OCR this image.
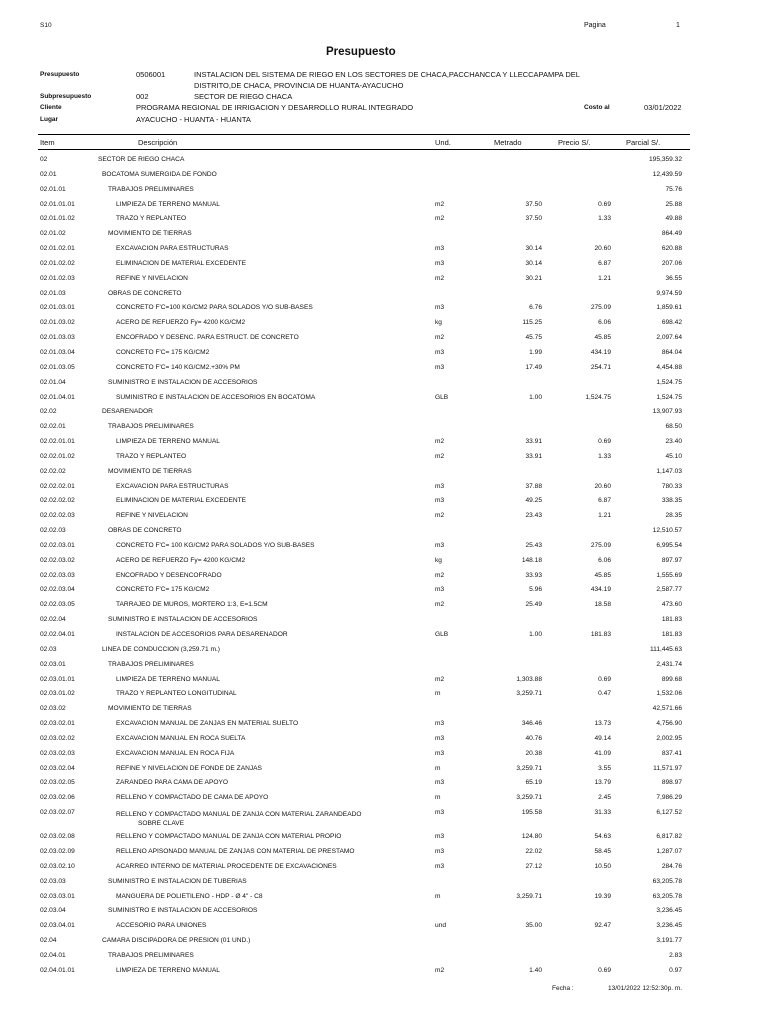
S10	Pagina	1
Presupuesto
Presupuesto	0506001	INSTALACION DEL SISTEMA DE RIEGO EN LOS SECTORES DE CHACA,PACCHANCCA Y LLECCAPAMPA DEL
DISTRITO,DE CHACA, PROVINCIA DE HUANTA-AYACUCHO
Subpresupuesto	002	SECTOR DE RIEGO CHACA
Cliente	PROGRAMA REGIONAL DE IRRIGACION Y DESARROLLO RURAL INTEGRADO	Costo al	03/01/2022
Lugar	AYACUCHO - HUANTA - HUANTA
Item	Descripción	Und.	Metrado	Precio S/.	Parcial S/.
02	SECTOR DE RIEGO CHACA	195,359.32
02.01	BOCATOMA SUMERGIDA DE FONDO	12,439.59
02.01.01	TRABAJOS PRELIMINARES	75.76
02.01.01.01	LIMPIEZA DE TERRENO MANUAL	m2	37.50	0.69	25.88
02.01.01.02	TRAZO Y REPLANTEO	m2	37.50	1.33	49.88
02.01.02	MOVIMIENTO DE TIERRAS	864.49
02.01.02.01	EXCAVACION PARA ESTRUCTURAS	m3	30.14	20.60	620.88
02.01.02.02	ELIMINACION DE MATERIAL EXCEDENTE	m3	30.14	6.87	207.06
02.01.02.03	REFINE Y NIVELACION	m2	30.21	1.21	36.55
02.01.03	OBRAS DE CONCRETO	9,974.59
02.01.03.01	CONCRETO F'C=100 KG/CM2 PARA SOLADOS Y/O SUB-BASES	m3	6.76	275.09	1,859.61
02.01.03.02	ACERO DE REFUERZO Fy= 4200 KG/CM2	kg	115.25	6.06	698.42
02.01.03.03	ENCOFRADO Y DESENC. PARA ESTRUCT. DE CONCRETO	m2	45.75	45.85	2,097.64
02.01.03.04	CONCRETO F'C= 175 KG/CM2	m3	1.99	434.19	864.04
02.01.03.05	CONCRETO F'C= 140 KG/CM2.+30% PM	m3	17.49	254.71	4,454.88
02.01.04	SUMINISTRO E INSTALACION DE ACCESORIOS	1,524.75
02.01.04.01	SUMINISTRO E INSTALACION DE ACCESORIOS EN BOCATOMA	GLB	1.00	1,524.75	1,524.75
02.02	DESARENADOR	13,907.93
02.02.01	TRABAJOS PRELIMINARES	68.50
02.02.01.01	LIMPIEZA DE TERRENO MANUAL	m2	33.91	0.69	23.40
02.02.01.02	TRAZO Y REPLANTEO	m2	33.91	1.33	45.10
02.02.02	MOVIMIENTO DE TIERRAS	1,147.03
02.02.02.01	EXCAVACION PARA ESTRUCTURAS	m3	37.88	20.60	780.33
02.02.02.02	ELIMINACION DE MATERIAL EXCEDENTE	m3	49.25	6.87	338.35
02.02.02.03	REFINE Y NIVELACION	m2	23.43	1.21	28.35
02.02.03	OBRAS DE CONCRETO	12,510.57
02.02.03.01	CONCRETO F'C= 100 KG/CM2 PARA SOLADOS Y/O SUB-BASES	m3	25.43	275.09	6,995.54
02.02.03.02	ACERO DE REFUERZO Fy= 4200 KG/CM2	kg	148.18	6.06	897.97
02.02.03.03	ENCOFRADO Y DESENCOFRADO	m2	33.93	45.85	1,555.69
02.02.03.04	CONCRETO F'C= 175 KG/CM2	m3	5.96	434.19	2,587.77
02.02.03.05	TARRAJEO DE MUROS, MORTERO 1:3, E=1.5CM	m2	25.49	18.58	473.60
02.02.04	SUMINISTRO E INSTALACION DE ACCESORIOS	181.83
02.02.04.01	INSTALACION DE ACCESORIOS PARA DESARENADOR	GLB	1.00	181.83	181.83
02.03	LINEA DE CONDUCCION (3,259.71 m.)	111,445.63
02.03.01	TRABAJOS PRELIMINARES	2,431.74
02.03.01.01	LIMPIEZA DE TERRENO MANUAL	m2	1,303.88	0.69	899.68
02.03.01.02	TRAZO Y REPLANTEO LONGITUDINAL	m	3,259.71	0.47	1,532.06
02.03.02	MOVIMIENTO DE TIERRAS	42,571.66
02.03.02.01	EXCAVACION MANUAL DE ZANJAS EN MATERIAL SUELTO	m3	346.46	13.73	4,756.90
02.03.02.02	EXCAVACION MANUAL EN ROCA SUELTA	m3	40.76	49.14	2,002.95
02.03.02.03	EXCAVACION MANUAL EN ROCA FIJA	m3	20.38	41.09	837.41
02.03.02.04	REFINE Y NIVELACION DE FONDE DE ZANJAS	m	3,259.71	3.55	11,571.97
02.03.02.05	ZARANDEO PARA CAMA DE APOYO	m3	65.19	13.79	898.97
02.03.02.06	RELLENO Y COMPACTADO DE CAMA DE APOYO	m	3,259.71	2.45	7,986.29
02.03.02.07	RELLENO Y COMPACTADO MANUAL DE ZANJA CON MATERIAL ZARANDEADO	m3	195.58	31.33	6,127.52
SOBRE CLAVE
02.03.02.08	RELLENO Y COMPACTADO MANUAL DE ZANJA CON MATERIAL PROPIO	m3	124.80	54.63	6,817.82
02.03.02.09	RELLENO APISONADO MANUAL DE ZANJAS CON MATERIAL DE PRESTAMO	m3	22.02	58.45	1,287.07
02.03.02.10	ACARREO INTERNO DE MATERIAL PROCEDENTE DE EXCAVACIONES	m3	27.12	10.50	284.76
02.03.03	SUMINISTRO E INSTALACION DE TUBERIAS	63,205.78
02.03.03.01	MANGUERA DE POLIETILENO - HDP - Ø 4" - C8	m	3,259.71	19.39	63,205.78
02.03.04	SUMINISTRO E INSTALACION DE ACCESORIOS	3,236.45
02.03.04.01	ACCESORIO PARA UNIONES	und	35.00	92.47	3,236.45
02.04	CAMARA DISCIPADORA DE PRESION (01 UND.)	3,191.77
02.04.01	TRABAJOS PRELIMINARES	2.83
02.04.01.01	LIMPIEZA DE TERRENO MANUAL	m2	1.40	0.69	0.97
Fecha :	13/01/2022 12:52:30p. m.
